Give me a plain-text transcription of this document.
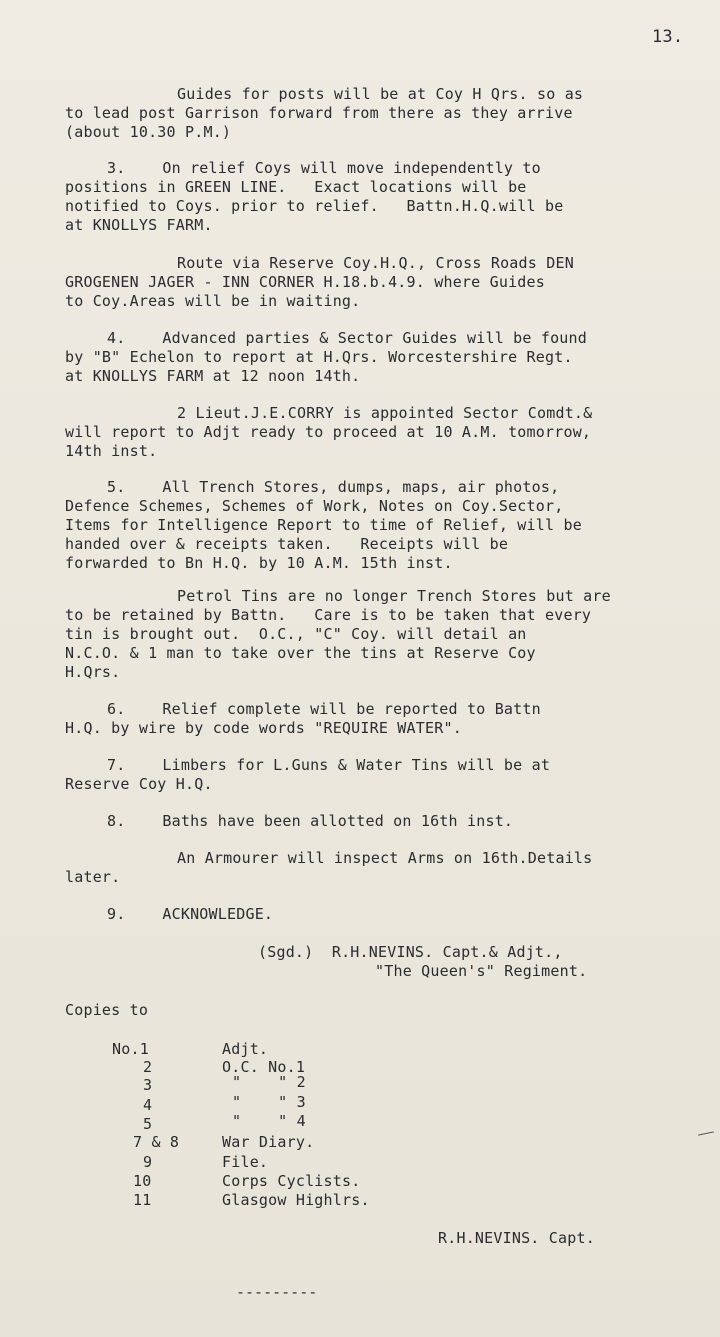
13.
Guides for posts will be at Coy H Qrs. so as
to lead post Garrison forward from there as they arrive
(about 10.30 P.M.)
3.    On relief Coys will move independently to
positions in GREEN LINE.   Exact locations will be
notified to Coys. prior to relief.   Battn.H.Q.will be
at KNOLLYS FARM.
Route via Reserve Coy.H.Q., Cross Roads DEN
GROGENEN JAGER - INN CORNER H.18.b.4.9. where Guides
to Coy.Areas will be in waiting.
4.    Advanced parties & Sector Guides will be found
by "B" Echelon to report at H.Qrs. Worcestershire Regt.
at KNOLLYS FARM at 12 noon 14th.
2 Lieut.J.E.CORRY is appointed Sector Comdt.&
will report to Adjt ready to proceed at 10 A.M. tomorrow,
14th inst.
5.    All Trench Stores, dumps, maps, air photos,
Defence Schemes, Schemes of Work, Notes on Coy.Sector,
Items for Intelligence Report to time of Relief, will be
handed over & receipts taken.   Receipts will be
forwarded to Bn H.Q. by 10 A.M. 15th inst.
Petrol Tins are no longer Trench Stores but are
to be retained by Battn.   Care is to be taken that every
tin is brought out.  O.C., "C" Coy. will detail an
N.C.O. & 1 man to take over the tins at Reserve Coy
H.Qrs.
6.    Relief complete will be reported to Battn
H.Q. by wire by code words "REQUIRE WATER".
7.    Limbers for L.Guns & Water Tins will be at
Reserve Coy H.Q.
8.    Baths have been allotted on 16th inst.
An Armourer will inspect Arms on 16th.Details
later.
9.    ACKNOWLEDGE.
(Sgd.)  R.H.NEVINS. Capt.& Adjt.,
"The Queen's" Regiment.
Copies to
No.1	Adjt.
2	O.C. No.1
3	"    " 2
4	"    " 3
5	"    " 4
7 & 8	War Diary.
9	File.
10	Corps Cyclists.
11	Glasgow Highlrs.
R.H.NEVINS. Capt.
---------
